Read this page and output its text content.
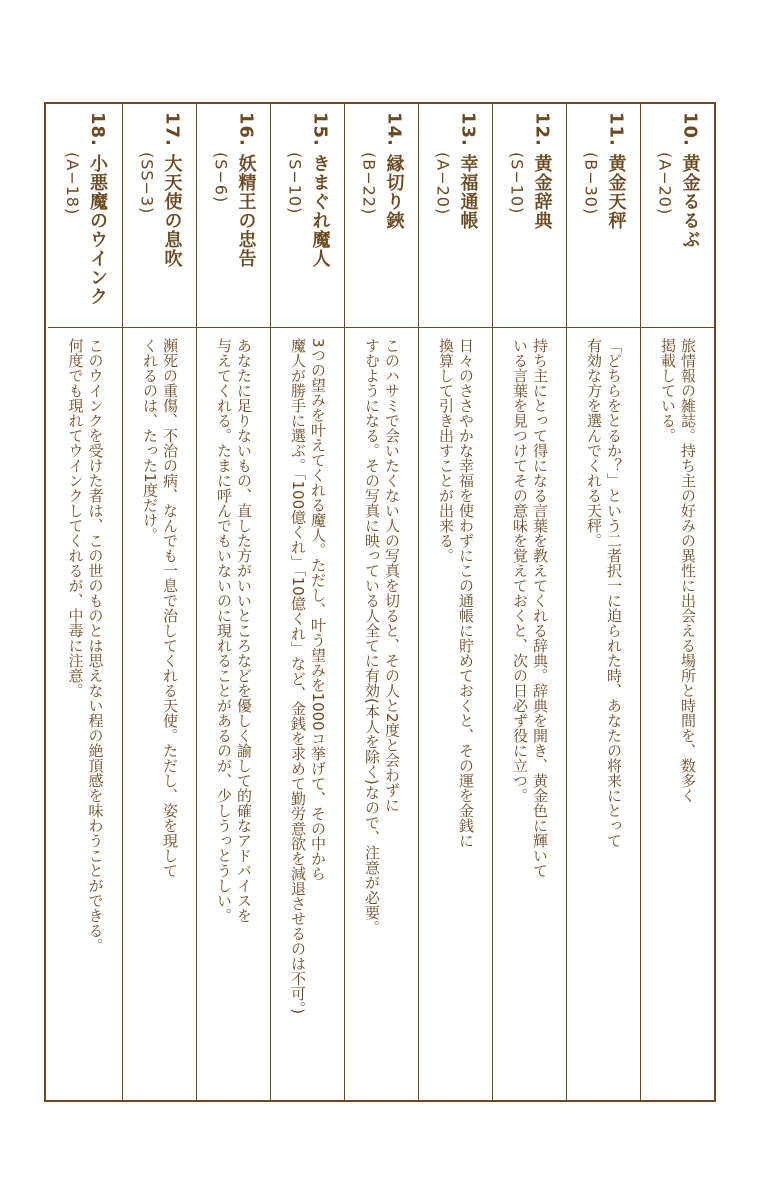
10. 黄金るるぶ
(A−20)
旅情報の雑誌。持ち主の好みの異性に出会える場所と時間を、数多く
掲載している。
11. 黄金天秤
(B−30)
「どちらをとるか？」という二者択一に迫られた時、あなたの将来にとって
有効な方を選んでくれる天秤。
12. 黄金辞典
(S−10)
持ち主にとって得になる言葉を教えてくれる辞典。辞典を開き、黄金色に輝いて
いる言葉を見つけてその意味を覚えておくと、次の日必ず役に立つ。
13. 幸福通帳
(A−20)
日々のささやかな幸福を使わずにこの通帳に貯めておくと、その運を金銭に
換算して引き出すことが出来る。
14. 縁切り鋏
(B−22)
このハサミで会いたくない人の写真を切ると、その人と2度と会わずに
すむようになる。その写真に映っている人全てに有効(本人を除く)なので、注意が必要。
15. きまぐれ魔人
(S−10)
3つの望みを叶えてくれる魔人。ただし、叶う望みを1000コ挙げて、その中から
魔人が勝手に選ぶ。「100億くれ」「10億くれ」など、金銭を求めて勤労意欲を減退させるのは不可。)
16. 妖精王の忠告
(S−6)
あなたに足りないもの、直した方がいいところなどを優しく諭して的確なアドバイスを
与えてくれる。たまに呼んでもいないのに現れることがあるのが、少しうっとうしい。
17. 大天使の息吹
(SS−3)
瀕死の重傷、不治の病、なんでも一息で治してくれる天使。ただし、姿を現して
くれるのは、たった1度だけ。
18. 小悪魔のウインク
(A−18)
このウインクを受けた者は、この世のものとは思えない程の絶頂感を味わうことができる。
何度でも現れてウインクしてくれるが、中毒に注意。
